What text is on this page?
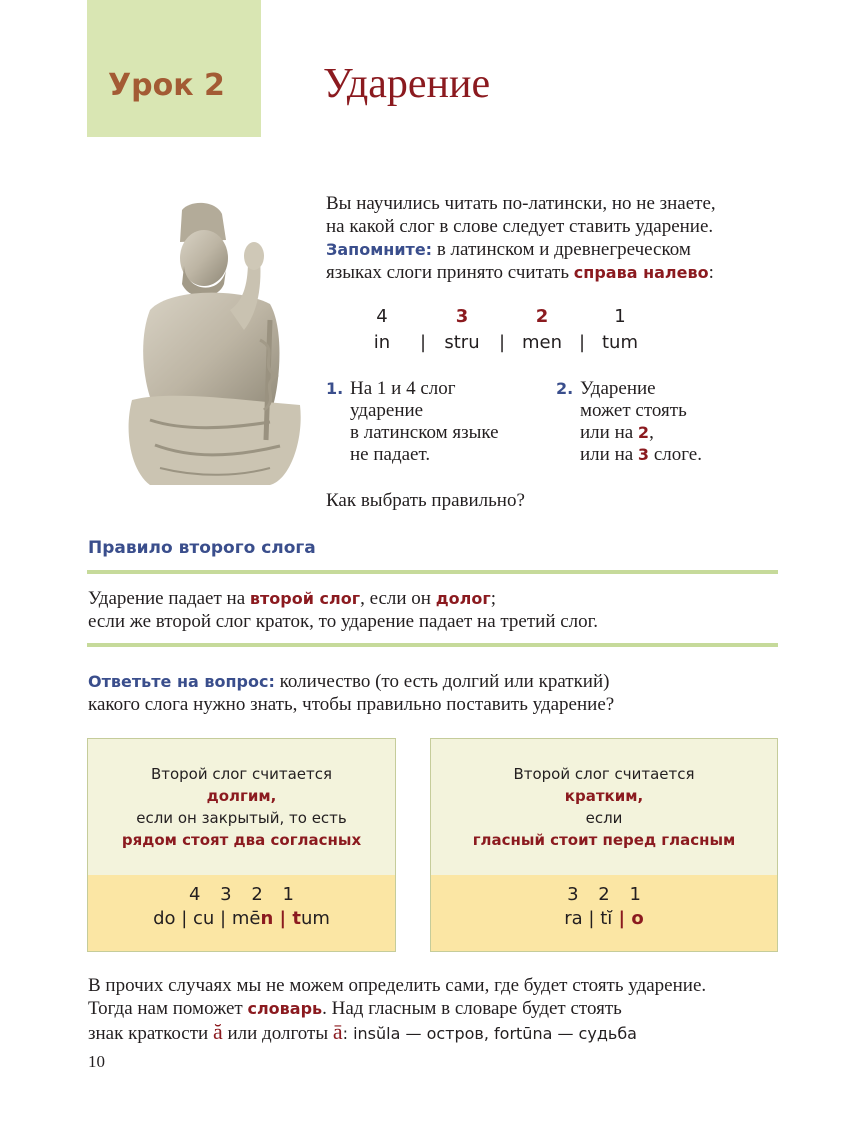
Урок 2 Ударение
Вы научились читать по-латински, но не знаете,
на какой слог в слове следует ставить ударение.
Запомните: в латинском и древнегреческом
языках слоги принято считать справа налево:
4
in	|
3
stru	|
2
men |
1
tum
1. На 1 и 4 слог
ударение
в латинском языке
не падает.
2. Ударение
может стоять
или на 2,
или на 3 слоге.
Как выбрать правильно?
Правило второго слога
Ударение падает на второй слог, если он долог;
если же второй слог краток, то ударение падает на третий слог.
Ответьте на вопрос: количество (то есть долгий или краткий)
какого слога нужно знать, чтобы правильно поставить ударение?
Второй слог считается
долгим,
если он закрытый, то есть
рядом стоят два согласных
4 3 2 1
do | cu | mēn | tum
Второй слог считается
кратким,
если
гласный стоит перед гласным
3 2 1
ra | tĭ | o
В прочих случаях мы не можем определить сами, где будет стоять ударение.
Тогда нам поможет словарь. Над гласным в словаре будет стоять
знак краткости ă или долготы ā: insŭla — остров, fortūna — судьба
10
